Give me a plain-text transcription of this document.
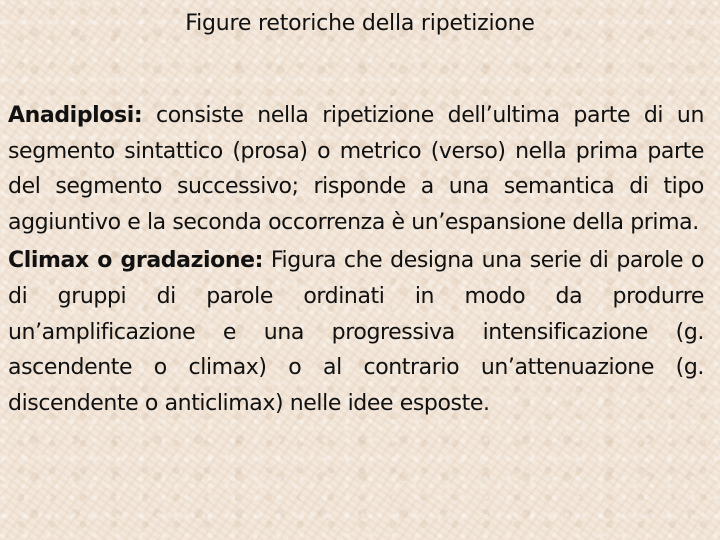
Figure retoriche della ripetizione

Anadiplosi: consiste nella ripetizione dell’ultima parte di un segmento sintattico (prosa) o metrico (verso) nella prima parte del segmento successivo; risponde a una semantica di tipo aggiuntivo e la seconda occorrenza è un’espansione della prima.

Climax o gradazione: Figura che designa una serie di parole o di gruppi di parole ordinati in modo da produrre un’amplificazione e una progressiva intensificazione (g. ascendente o climax) o al contrario un’attenuazione (g. discendente o anticlimax) nelle idee esposte.
